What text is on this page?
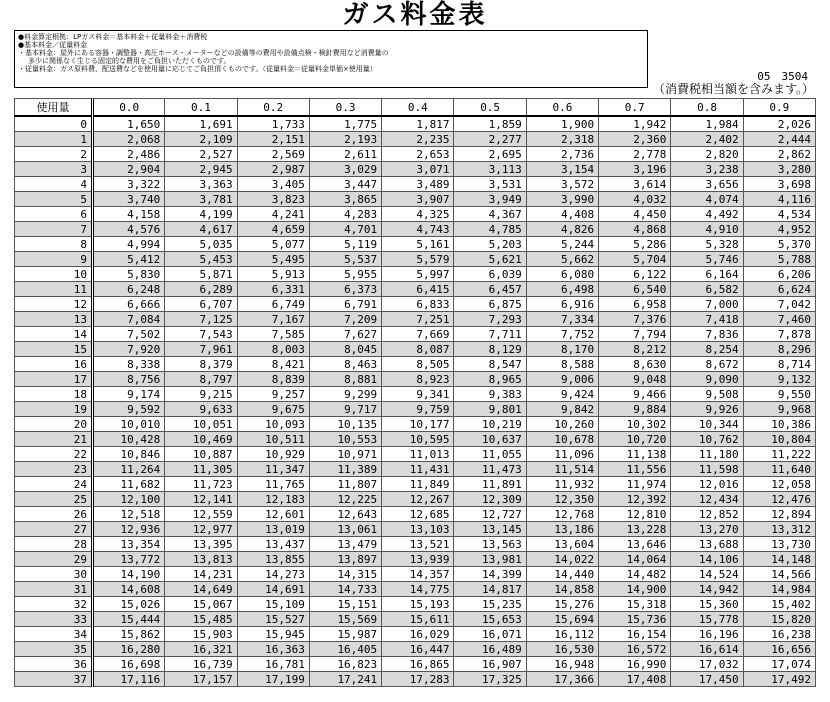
ガス料金表
●料金算定根拠：LPガス料金＝基本料金＋従量料金＋消費税
●基本料金／従量料金
・基本料金：屋外にある容器・調整器・高圧ホース・メーターなどの設備等の費用や設備点検・検針費用など消費量の
多少に関係なく生じる固定的な費用をご負担いただくものです。
・従量料金：ガス原料費、配送費などを使用量に応じてご負担頂くものです。（従量料金＝従量料金単価×使用量）
05　3504
（消費税相当額を含みます。）
使用量	0.0	0.1	0.2	0.3	0.4	0.5	0.6	0.7	0.8	0.9
0	1,650	1,691	1,733	1,775	1,817	1,859	1,900	1,942	1,984	2,026
1	2,068	2,109	2,151	2,193	2,235	2,277	2,318	2,360	2,402	2,444
2	2,486	2,527	2,569	2,611	2,653	2,695	2,736	2,778	2,820	2,862
3	2,904	2,945	2,987	3,029	3,071	3,113	3,154	3,196	3,238	3,280
4	3,322	3,363	3,405	3,447	3,489	3,531	3,572	3,614	3,656	3,698
5	3,740	3,781	3,823	3,865	3,907	3,949	3,990	4,032	4,074	4,116
6	4,158	4,199	4,241	4,283	4,325	4,367	4,408	4,450	4,492	4,534
7	4,576	4,617	4,659	4,701	4,743	4,785	4,826	4,868	4,910	4,952
8	4,994	5,035	5,077	5,119	5,161	5,203	5,244	5,286	5,328	5,370
9	5,412	5,453	5,495	5,537	5,579	5,621	5,662	5,704	5,746	5,788
10	5,830	5,871	5,913	5,955	5,997	6,039	6,080	6,122	6,164	6,206
11	6,248	6,289	6,331	6,373	6,415	6,457	6,498	6,540	6,582	6,624
12	6,666	6,707	6,749	6,791	6,833	6,875	6,916	6,958	7,000	7,042
13	7,084	7,125	7,167	7,209	7,251	7,293	7,334	7,376	7,418	7,460
14	7,502	7,543	7,585	7,627	7,669	7,711	7,752	7,794	7,836	7,878
15	7,920	7,961	8,003	8,045	8,087	8,129	8,170	8,212	8,254	8,296
16	8,338	8,379	8,421	8,463	8,505	8,547	8,588	8,630	8,672	8,714
17	8,756	8,797	8,839	8,881	8,923	8,965	9,006	9,048	9,090	9,132
18	9,174	9,215	9,257	9,299	9,341	9,383	9,424	9,466	9,508	9,550
19	9,592	9,633	9,675	9,717	9,759	9,801	9,842	9,884	9,926	9,968
20	10,010	10,051	10,093	10,135	10,177	10,219	10,260	10,302	10,344	10,386
21	10,428	10,469	10,511	10,553	10,595	10,637	10,678	10,720	10,762	10,804
22	10,846	10,887	10,929	10,971	11,013	11,055	11,096	11,138	11,180	11,222
23	11,264	11,305	11,347	11,389	11,431	11,473	11,514	11,556	11,598	11,640
24	11,682	11,723	11,765	11,807	11,849	11,891	11,932	11,974	12,016	12,058
25	12,100	12,141	12,183	12,225	12,267	12,309	12,350	12,392	12,434	12,476
26	12,518	12,559	12,601	12,643	12,685	12,727	12,768	12,810	12,852	12,894
27	12,936	12,977	13,019	13,061	13,103	13,145	13,186	13,228	13,270	13,312
28	13,354	13,395	13,437	13,479	13,521	13,563	13,604	13,646	13,688	13,730
29	13,772	13,813	13,855	13,897	13,939	13,981	14,022	14,064	14,106	14,148
30	14,190	14,231	14,273	14,315	14,357	14,399	14,440	14,482	14,524	14,566
31	14,608	14,649	14,691	14,733	14,775	14,817	14,858	14,900	14,942	14,984
32	15,026	15,067	15,109	15,151	15,193	15,235	15,276	15,318	15,360	15,402
33	15,444	15,485	15,527	15,569	15,611	15,653	15,694	15,736	15,778	15,820
34	15,862	15,903	15,945	15,987	16,029	16,071	16,112	16,154	16,196	16,238
35	16,280	16,321	16,363	16,405	16,447	16,489	16,530	16,572	16,614	16,656
36	16,698	16,739	16,781	16,823	16,865	16,907	16,948	16,990	17,032	17,074
37	17,116	17,157	17,199	17,241	17,283	17,325	17,366	17,408	17,450	17,492
